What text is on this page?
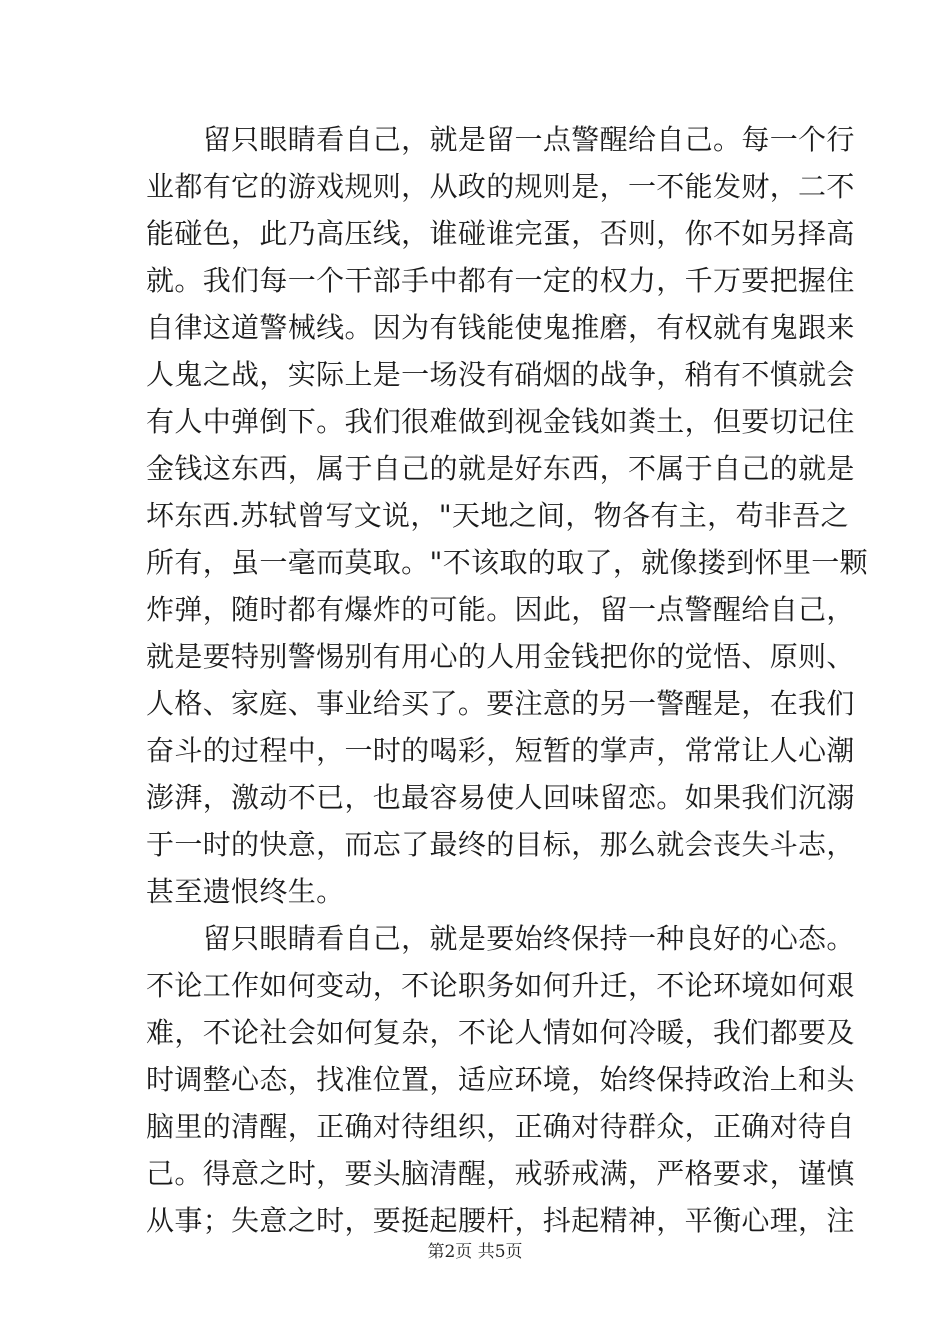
　　留只眼睛看自己，就是留一点警醒给自己。每一个行
业都有它的游戏规则，从政的规则是，一不能发财，二不
能碰色，此乃高压线，谁碰谁完蛋，否则，你不如另择高
就。我们每一个干部手中都有一定的权力，千万要把握住
自律这道警械线。因为有钱能使鬼推磨，有权就有鬼跟来
人鬼之战，实际上是一场没有硝烟的战争，稍有不慎就会
有人中弹倒下。我们很难做到视金钱如粪土，但要切记住
金钱这东西，属于自己的就是好东西，不属于自己的就是
坏东西.苏轼曾写文说，"天地之间，物各有主，苟非吾之
所有，虽一毫而莫取。"不该取的取了，就像搂到怀里一颗
炸弹，随时都有爆炸的可能。因此，留一点警醒给自己，
就是要特别警惕别有用心的人用金钱把你的觉悟、原则、
人格、家庭、事业给买了。要注意的另一警醒是，在我们
奋斗的过程中，一时的喝彩，短暂的掌声，常常让人心潮
澎湃，激动不已，也最容易使人回味留恋。如果我们沉溺
于一时的快意，而忘了最终的目标，那么就会丧失斗志，
甚至遗恨终生。
　　留只眼睛看自己，就是要始终保持一种良好的心态。
不论工作如何变动，不论职务如何升迁，不论环境如何艰
难，不论社会如何复杂，不论人情如何冷暖，我们都要及
时调整心态，找准位置，适应环境，始终保持政治上和头
脑里的清醒，正确对待组织，正确对待群众，正确对待自
己。得意之时，要头脑清醒，戒骄戒满，严格要求，谨慎
从事；失意之时，要挺起腰杆，抖起精神，平衡心理，注
第2页 共5页
